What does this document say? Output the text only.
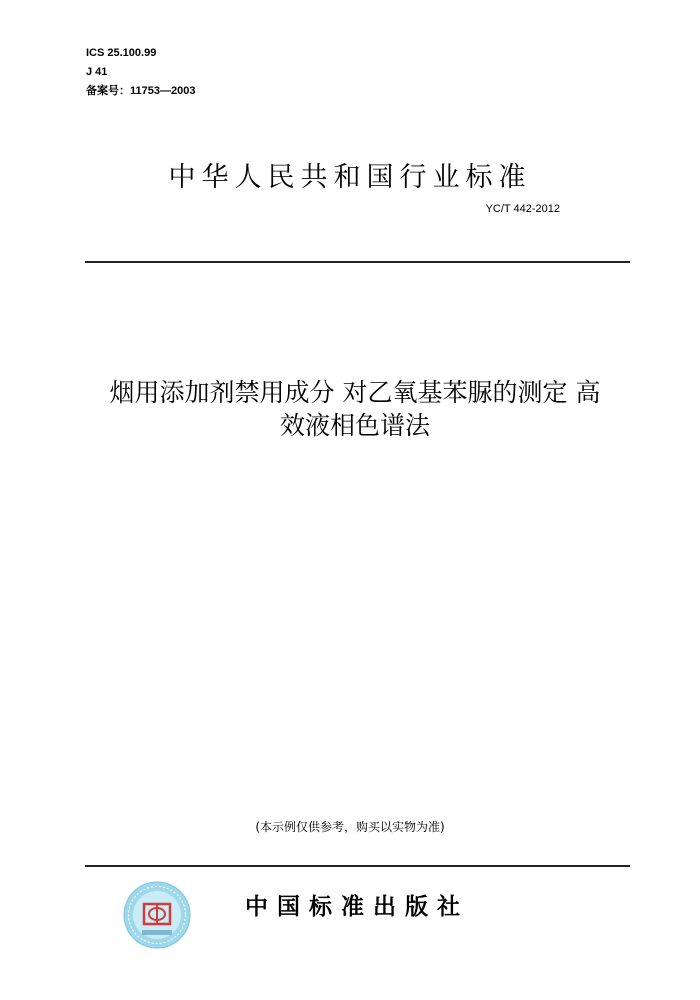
ICS 25.100.99
J 41
备案号：11753—2003
中华人民共和国行业标准
YC/T 442-2012
烟用添加剂禁用成分 对乙氧基苯脲的测定 高
效液相色谱法
(本示例仅供参考，购买以实物为准)
中国标准出版社
